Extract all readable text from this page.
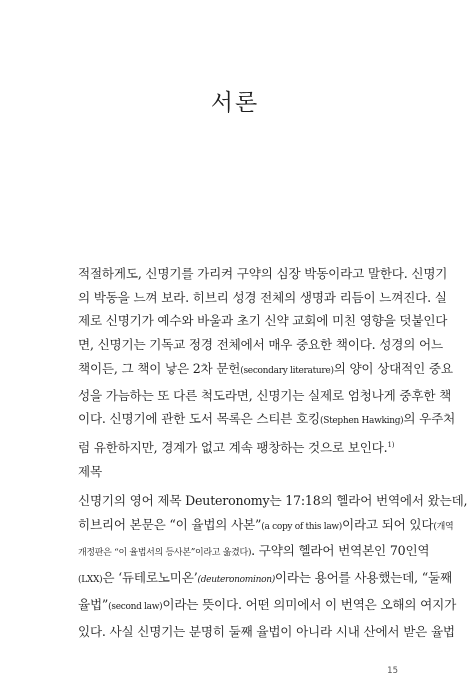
서론
적절하게도, 신명기를 가리켜 구약의 심장 박동이라고 말한다. 신명기
의 박동을 느껴 보라. 히브리 성경 전체의 생명과 리듬이 느껴진다. 실
제로 신명기가 예수와 바울과 초기 신약 교회에 미친 영향을 덧붙인다
면, 신명기는 기독교 정경 전체에서 매우 중요한 책이다. 성경의 어느
책이든, 그 책이 낳은 2차 문헌(secondary literature)의 양이 상대적인 중요
성을 가늠하는 또 다른 척도라면, 신명기는 실제로 엄청나게 중후한 책
이다. 신명기에 관한 도서 목록은 스티븐 호킹(Stephen Hawking)의 우주처
럼 유한하지만, 경계가 없고 계속 팽창하는 것으로 보인다.$^{1)}$
제목
신명기의 영어 제목 Deuteronomy는 17:18의 헬라어 번역에서 왔는데,
히브리어 본문은 “이 율법의 사본”(a copy of this law)이라고 되어 있다(개역
개정판은 “이 율법서의 등사본”이라고 옮겼다). 구약의 헬라어 번역본인 70인역
(LXX)은 ‘듀테로노미온’(deuteronominon)이라는 용어를 사용했는데, “둘째
율법”(second law)이라는 뜻이다. 어떤 의미에서 이 번역은 오해의 여지가
있다. 사실 신명기는 분명히 둘째 율법이 아니라 시내 산에서 받은 율법
15
